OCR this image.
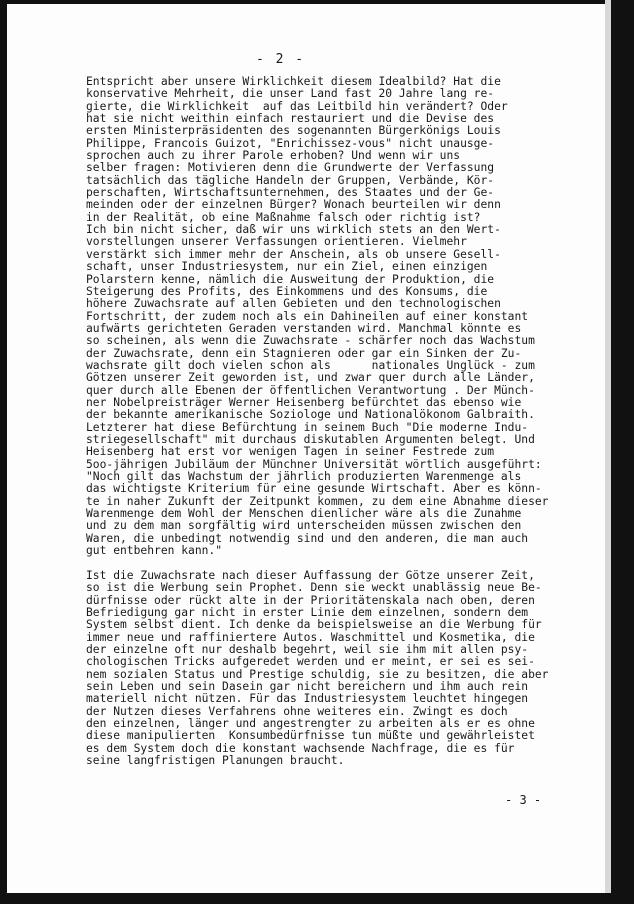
- 2 -
Entspricht aber unsere Wirklichkeit diesem Idealbild? Hat die
konservative Mehrheit, die unser Land fast 20 Jahre lang re-
gierte, die Wirklichkeit  auf das Leitbild hin verändert? Oder
hat sie nicht weithin einfach restauriert und die Devise des
ersten Ministerpräsidenten des sogenannten Bürgerkönigs Louis
Philippe, Francois Guizot, "Enrichissez-vous" nicht unausge-
sprochen auch zu ihrer Parole erhoben? Und wenn wir uns
selber fragen: Motivieren denn die Grundwerte der Verfassung
tatsächlich das tägliche Handeln der Gruppen, Verbände, Kör-
perschaften, Wirtschaftsunternehmen, des Staates und der Ge-
meinden oder der einzelnen Bürger? Wonach beurteilen wir denn
in der Realität, ob eine Maßnahme falsch oder richtig ist?
Ich bin nicht sicher, daß wir uns wirklich stets an den Wert-
vorstellungen unserer Verfassungen orientieren. Vielmehr
verstärkt sich immer mehr der Anschein, als ob unsere Gesell-
schaft, unser Industriesystem, nur ein Ziel, einen einzigen
Polarstern kenne, nämlich die Ausweitung der Produktion, die
Steigerung des Profits, des Einkommens und des Konsums, die
höhere Zuwachsrate auf allen Gebieten und den technologischen
Fortschritt, der zudem noch als ein Dahineilen auf einer konstant
aufwärts gerichteten Geraden verstanden wird. Manchmal könnte es
so scheinen, als wenn die Zuwachsrate - schärfer noch das Wachstum
der Zuwachsrate, denn ein Stagnieren oder gar ein Sinken der Zu-
wachsrate gilt doch vielen schon als      nationales Unglück - zum
Götzen unserer Zeit geworden ist, und zwar quer durch alle Länder,
quer durch alle Ebenen der öffentlichen Verantwortung . Der Münch-
ner Nobelpreisträger Werner Heisenberg befürchtet das ebenso wie
der bekannte amerikanische Soziologe und Nationalökonom Galbraith.
Letzterer hat diese Befürchtung in seinem Buch "Die moderne Indu-
striegesellschaft" mit durchaus diskutablen Argumenten belegt. Und
Heisenberg hat erst vor wenigen Tagen in seiner Festrede zum
5oo-jährigen Jubiläum der Münchner Universität wörtlich ausgeführt:
"Noch gilt das Wachstum der jährlich produzierten Warenmenge als
das wichtigste Kriterium für eine gesunde Wirtschaft. Aber es könn-
te in naher Zukunft der Zeitpunkt kommen, zu dem eine Abnahme dieser
Warenmenge dem Wohl der Menschen dienlicher wäre als die Zunahme
und zu dem man sorgfältig wird unterscheiden müssen zwischen den
Waren, die unbedingt notwendig sind und den anderen, die man auch
gut entbehren kann."
Ist die Zuwachsrate nach dieser Auffassung der Götze unserer Zeit,
so ist die Werbung sein Prophet. Denn sie weckt unablässig neue Be-
dürfnisse oder rückt alte in der Prioritätenskala nach oben, deren
Befriedigung gar nicht in erster Linie dem einzelnen, sondern dem
System selbst dient. Ich denke da beispielsweise an die Werbung für
immer neue und raffiniertere Autos. Waschmittel und Kosmetika, die
der einzelne oft nur deshalb begehrt, weil sie ihm mit allen psy-
chologischen Tricks aufgeredet werden und er meint, er sei es sei-
nem sozialen Status und Prestige schuldig, sie zu besitzen, die aber
sein Leben und sein Dasein gar nicht bereichern und ihm auch rein
materiell nicht nützen. Für das Industriesystem leuchtet hingegen
der Nutzen dieses Verfahrens ohne weiteres ein. Zwingt es doch
den einzelnen, länger und angestrengter zu arbeiten als er es ohne
diese manipulierten  Konsumbedürfnisse tun müßte und gewährleistet
es dem System doch die konstant wachsende Nachfrage, die es für
seine langfristigen Planungen braucht.
- 3 -
